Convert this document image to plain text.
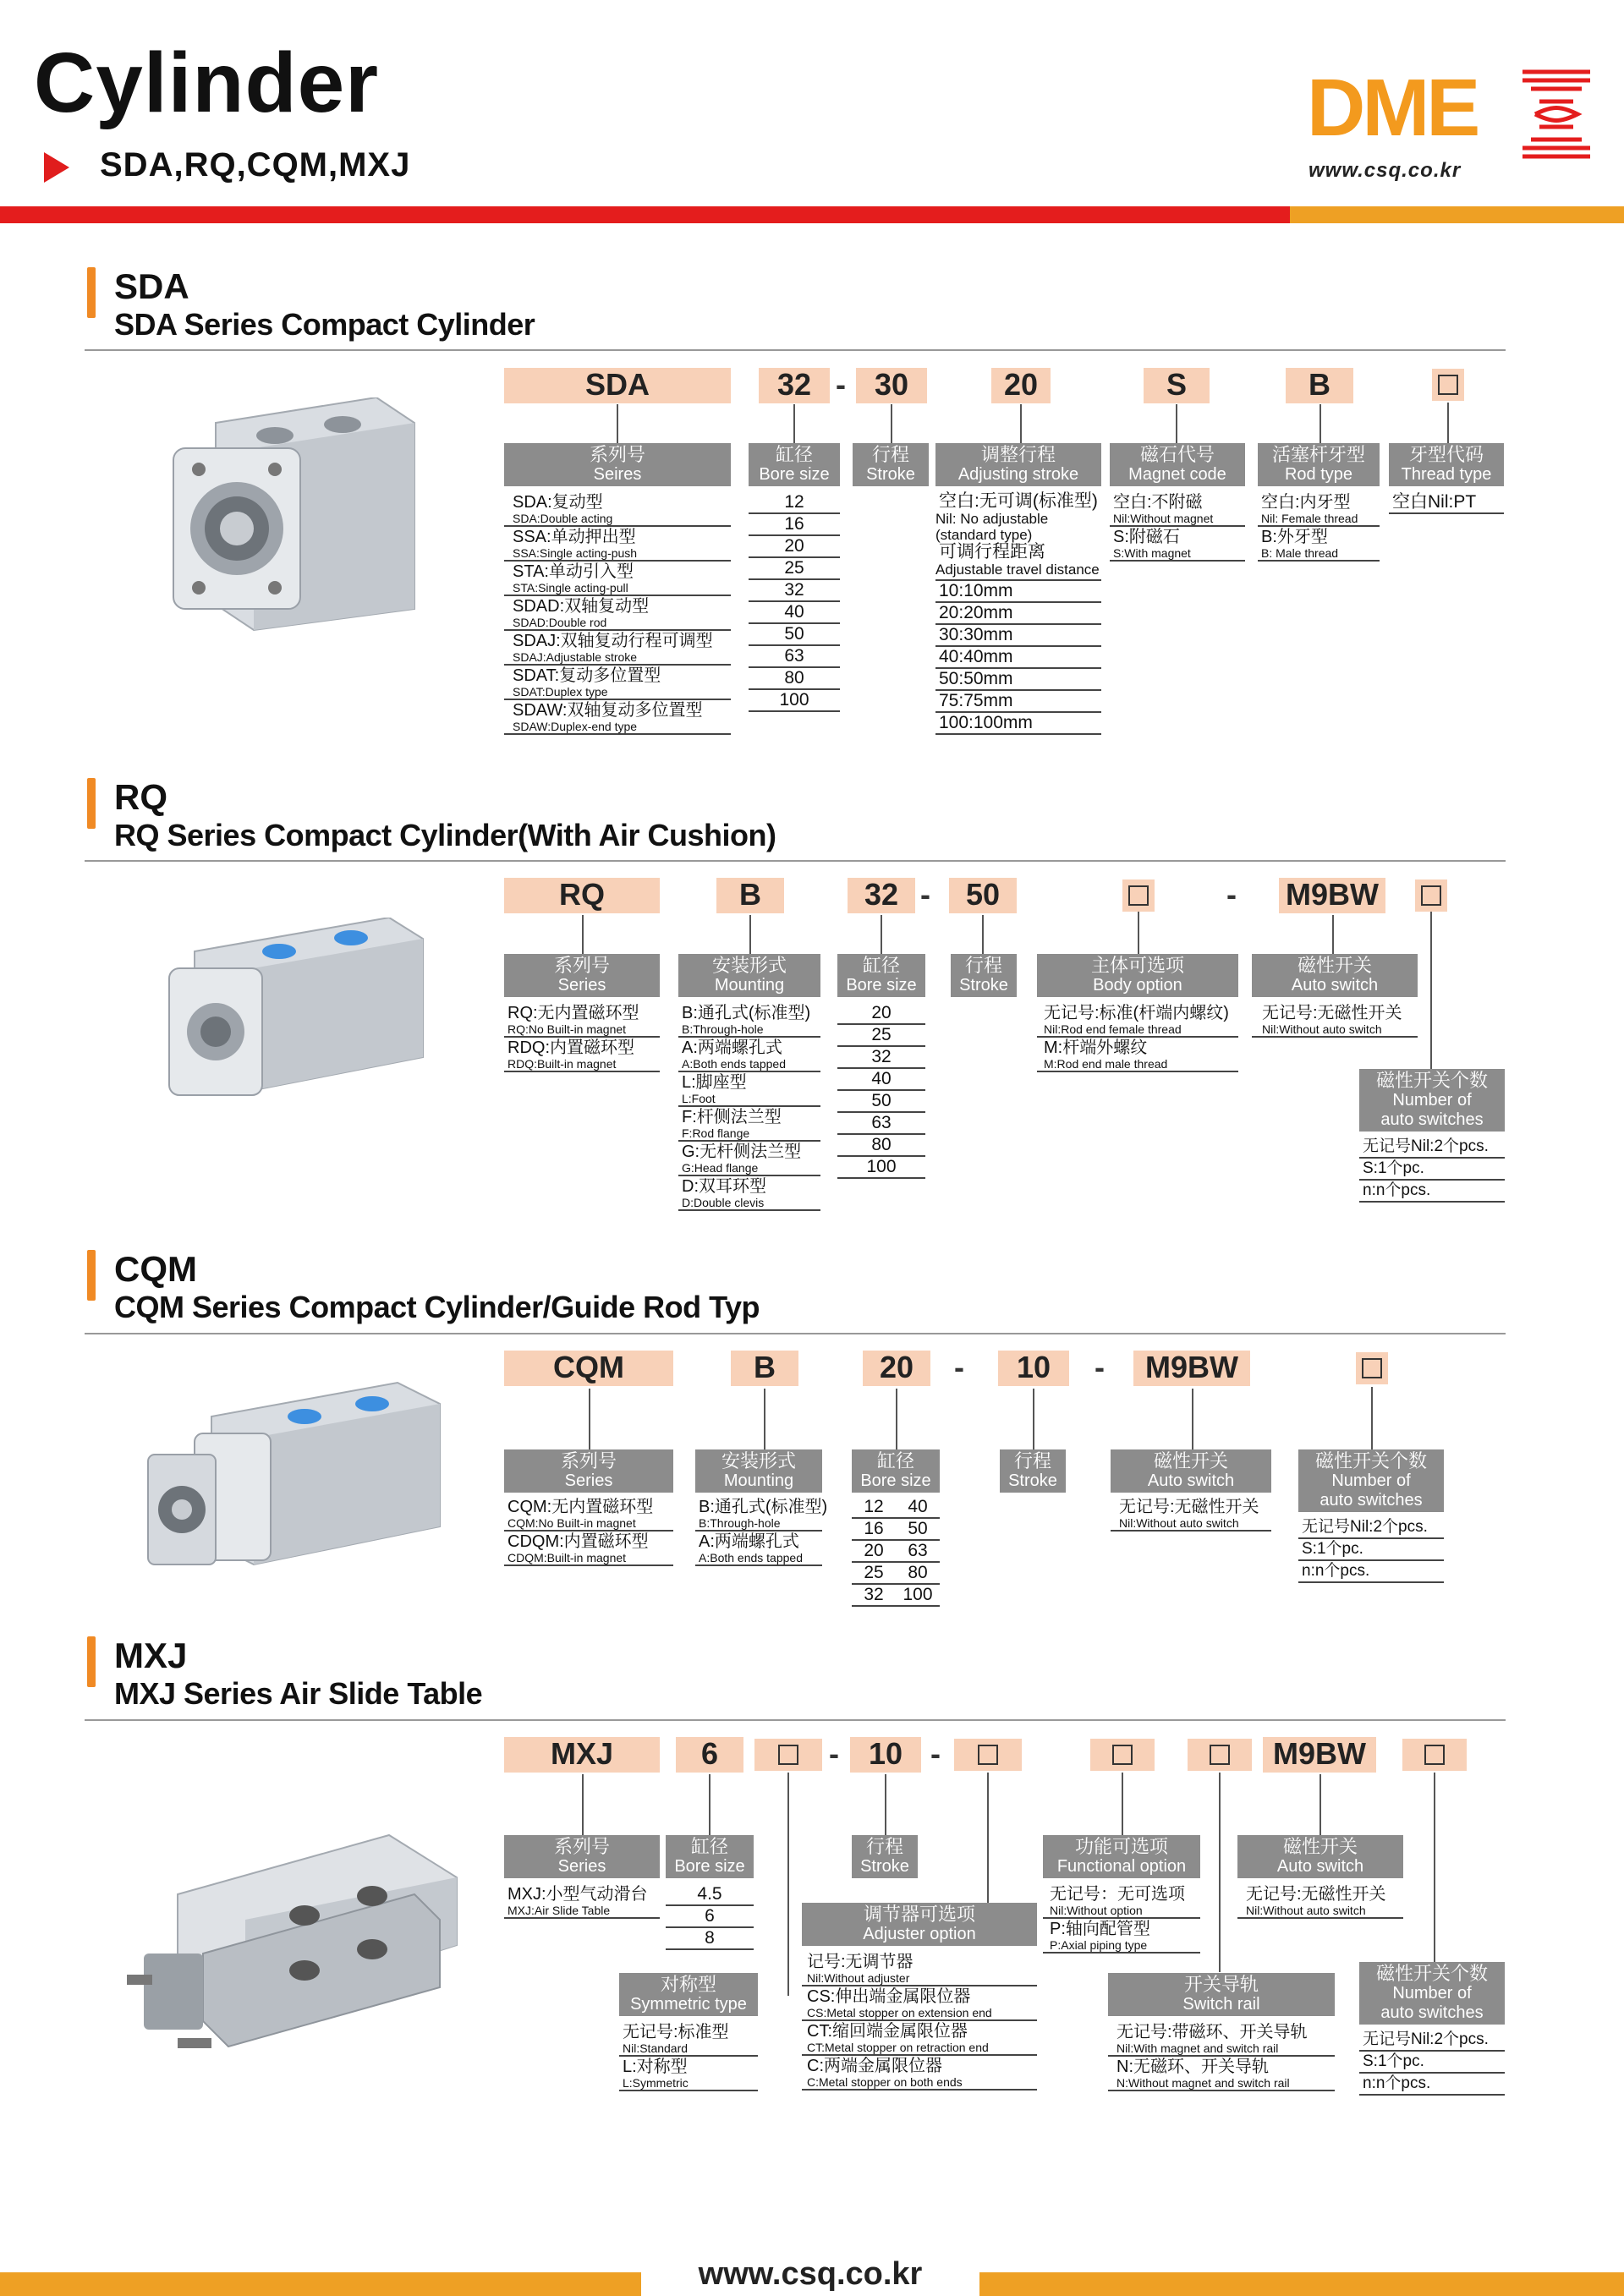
Cylinder
SDA,RQ,CQM,MXJ
DME
www.csq.co.kr
SDA
SDA Series Compact Cylinder
SDA	32 - 30	20	S	B
系列号
Seires
缸径
Bore size
行程
Stroke
调整行程
Adjusting stroke
磁石代号
Magnet code
活塞杆牙型
Rod type
牙型代码
Thread type
SDA:复动型
SDA:Double acting
SSA:单动押出型
SSA:Single acting-push
STA:单动引入型
STA:Single acting-pull
SDAD:双轴复动型
SDAD:Double rod
SDAJ:双轴复动行程可调型
SDAJ:Adjustable stroke
SDAT:复动多位置型
SDAT:Duplex type
SDAW:双轴复动多位置型
SDAW:Duplex-end type
12
16
20
25
32
40
50
63
80
100
空白:无可调(标准型)
Nil: No adjustable
(standard type)
可调行程距离
Adjustable travel distance
10:10mm
20:20mm
30:30mm
40:40mm
50:50mm
75:75mm
100:100mm
空白:不附磁
Nil:Without magnet
S:附磁石
S:With magnet
空白:内牙型
Nil: Female thread
B:外牙型
B: Male thread
空白Nil:PT
RQ
RQ Series Compact Cylinder(With Air Cushion)
RQ	B	32 -	50	- M9BW
系列号
Series
安装形式
Mounting
缸径
Bore size
行程
Stroke
主体可选项
Body option
磁性开关
Auto switch
磁性开关个数
Number of
auto switches
RQ:无内置磁环型
RQ:No Built-in magnet
RDQ:内置磁环型
RDQ:Built-in magnet
B:通孔式(标准型)
B:Through-hole
A:两端螺孔式
A:Both ends tapped
L:脚座型
L:Foot
F:杆侧法兰型
F:Rod flange
G:无杆侧法兰型
G:Head flange
D:双耳环型
D:Double clevis
20
25
32
40
50
63
80
100
无记号:标准(杆端内螺纹)
Nil:Rod end female thread
M:杆端外螺纹
M:Rod end male thread
无记号:无磁性开关
Nil:Without auto switch
无记号Nil:2个pcs.
S:1个pc.
n:n个pcs.
CQM
CQM Series Compact Cylinder/Guide Rod Typ
CQM	B	20	-	10	-	M9BW
系列号
Series
安装形式
Mounting
缸径
Bore size
行程
Stroke
磁性开关
Auto switch
磁性开关个数
Number of
auto switches
CQM:无内置磁环型
CQM:No Built-in magnet
CDQM:内置磁环型
CDQM:Built-in magnet
B:通孔式(标准型)
B:Through-hole
A:两端螺孔式
A:Both ends tapped
12	40
16	50
20	63
25	80
32	100
无记号:无磁性开关
Nil:Without auto switch	无记号Nil:2个pcs.
S:1个pc.
n:n个pcs.
MXJ
MXJ Series Air Slide Table
MXJ	6	- 10 -	M9BW
系列号
Series
缸径
Bore size
行程
Stroke
功能可选项
Functional option
磁性开关
Auto switch
调节器可选项
Adjuster option
对称型
Symmetric type
开关导轨
Switch rail
磁性开关个数
Number of
auto switches
MXJ:小型气动滑台
MXJ:Air Slide Table
4.5
6
8
无记号：无可选项
Nil:Without option
P:轴向配管型
P:Axial piping type
无记号:无磁性开关
Nil:Without auto switch
记号:无调节器
Nil:Without adjuster
CS:伸出端金属限位器
CS:Metal stopper on extension end
CT:缩回端金属限位器
CT:Metal stopper on retraction end
C:两端金属限位器
C:Metal stopper on both ends
无记号:标准型
Nil:Standard
L:对称型
L:Symmetric
无记号:带磁环、开关导轨
Nil:With magnet and switch rail
N:无磁环、开关导轨
N:Without magnet and switch rail
无记号Nil:2个pcs.
S:1个pc.
n:n个pcs.
www.csq.co.kr
